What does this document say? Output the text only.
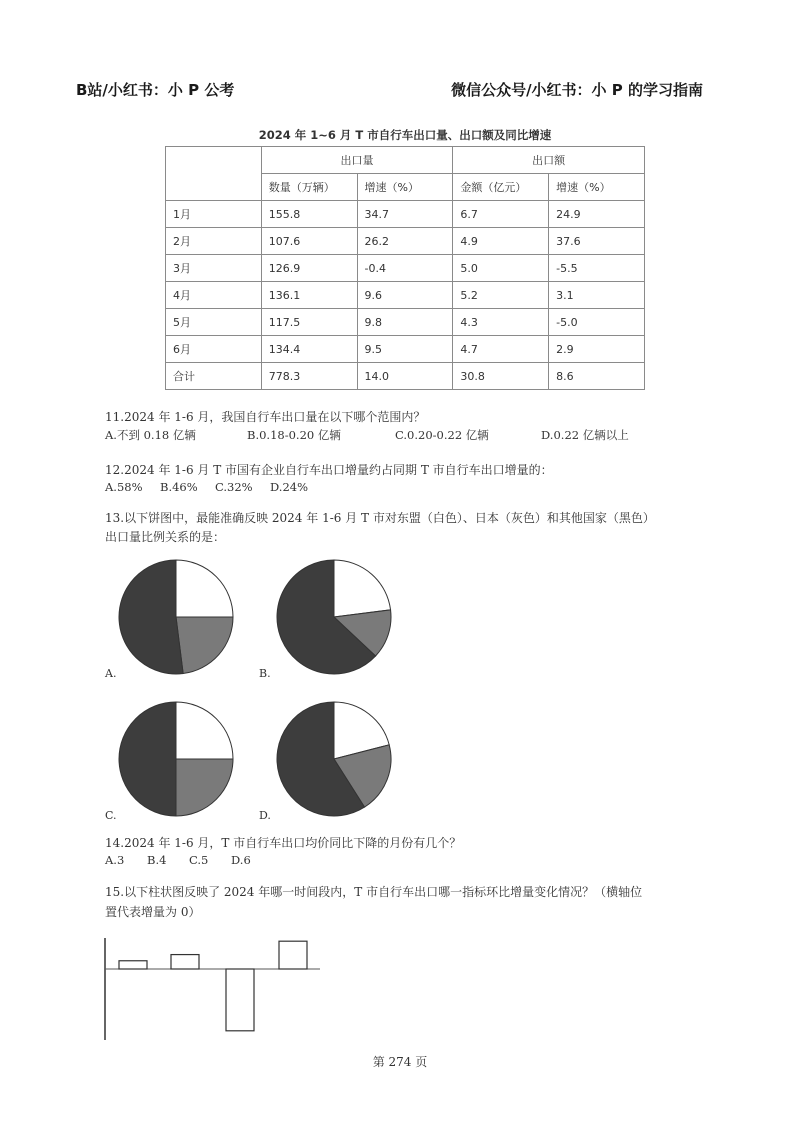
B站/小红书：小 P 公考	微信公众号/小红书：小 P 的学习指南
2024 年 1~6 月 T 市自行车出口量、出口额及同比增速
	出口量		出口额	
	数量（万辆）	增速（%）	金额（亿元）	增速（%）
1月	155.8	34.7	6.7	24.9
2月	107.6	26.2	4.9	37.6
3月	126.9	-0.4	5.0	-5.5
4月	136.1	9.6	5.2	3.1
5月	117.5	9.8	4.3	-5.0
6月	134.4	9.5	4.7	2.9
合计	778.3	14.0	30.8	8.6
11.2024 年 1-6 月，我国自行车出口量在以下哪个范围内？
A.不到 0.18 亿辆	B.0.18-0.20 亿辆	C.0.20-0.22 亿辆	D.0.22 亿辆以上
12.2024 年 1-6 月 T 市国有企业自行车出口增量约占同期 T 市自行车出口增量的：
A.58% B.46% C.32% D.24%
13.以下饼图中，最能准确反映 2024 年 1-6 月 T 市对东盟（白色）、日本（灰色）和其他国家（黑色）
出口量比例关系的是：
A.	B.
C.	D.
14.2024 年 1-6 月，T 市自行车出口均价同比下降的月份有几个？
A.3 B.4 C.5 D.6
15.以下柱状图反映了 2024 年哪一时间段内，T 市自行车出口哪一指标环比增量变化情况？（横轴位
置代表增量为 0）
第 274 页
